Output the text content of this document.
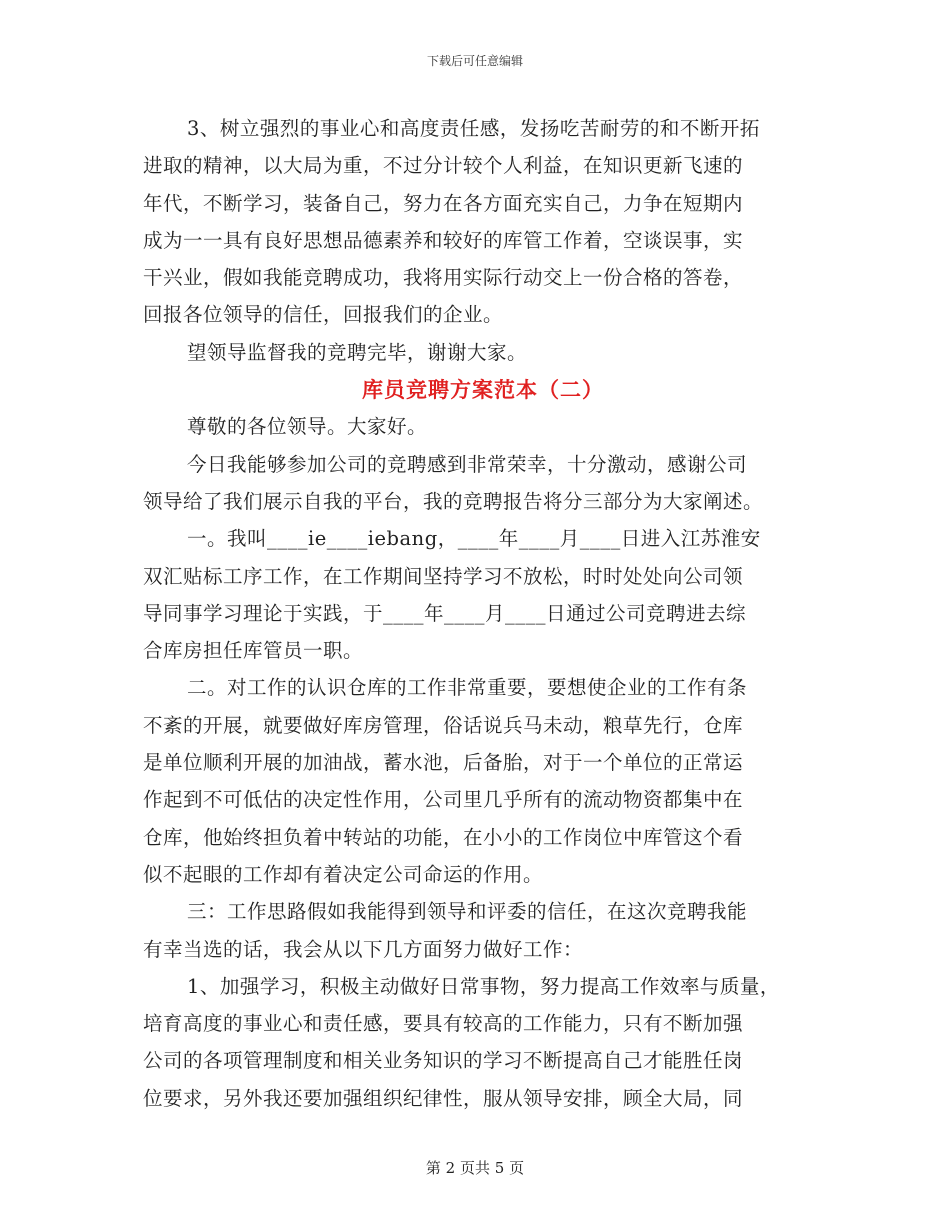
下载后可任意编辑
3、树立强烈的事业心和高度责任感，发扬吃苦耐劳的和不断开拓
进取的精神，以大局为重，不过分计较个人利益，在知识更新飞速的
年代，不断学习，装备自己，努力在各方面充实自己，力争在短期内
成为一一具有良好思想品德素养和较好的库管工作着，空谈误事，实
干兴业，假如我能竞聘成功，我将用实际行动交上一份合格的答卷，
回报各位领导的信任，回报我们的企业。
望领导监督我的竞聘完毕，谢谢大家。
库员竞聘方案范本（二）
尊敬的各位领导。大家好。
今日我能够参加公司的竞聘感到非常荣幸，十分激动，感谢公司
领导给了我们展示自我的平台，我的竞聘报告将分三部分为大家阐述。
一。我叫____ie____iebang，____年____月____日进入江苏淮安
双汇贴标工序工作，在工作期间坚持学习不放松，时时处处向公司领
导同事学习理论于实践，于____年____月____日通过公司竞聘进去综
合库房担任库管员一职。
二。对工作的认识仓库的工作非常重要，要想使企业的工作有条
不紊的开展，就要做好库房管理，俗话说兵马未动，粮草先行，仓库
是单位顺利开展的加油战，蓄水池，后备胎，对于一个单位的正常运
作起到不可低估的决定性作用，公司里几乎所有的流动物资都集中在
仓库，他始终担负着中转站的功能，在小小的工作岗位中库管这个看
似不起眼的工作却有着决定公司命运的作用。
三：工作思路假如我能得到领导和评委的信任，在这次竞聘我能
有幸当选的话，我会从以下几方面努力做好工作：
1、加强学习，积极主动做好日常事物，努力提高工作效率与质量，
培育高度的事业心和责任感，要具有较高的工作能力，只有不断加强
公司的各项管理制度和相关业务知识的学习不断提高自己才能胜任岗
位要求，另外我还要加强组织纪律性，服从领导安排，顾全大局，同
第 2 页共 5 页
